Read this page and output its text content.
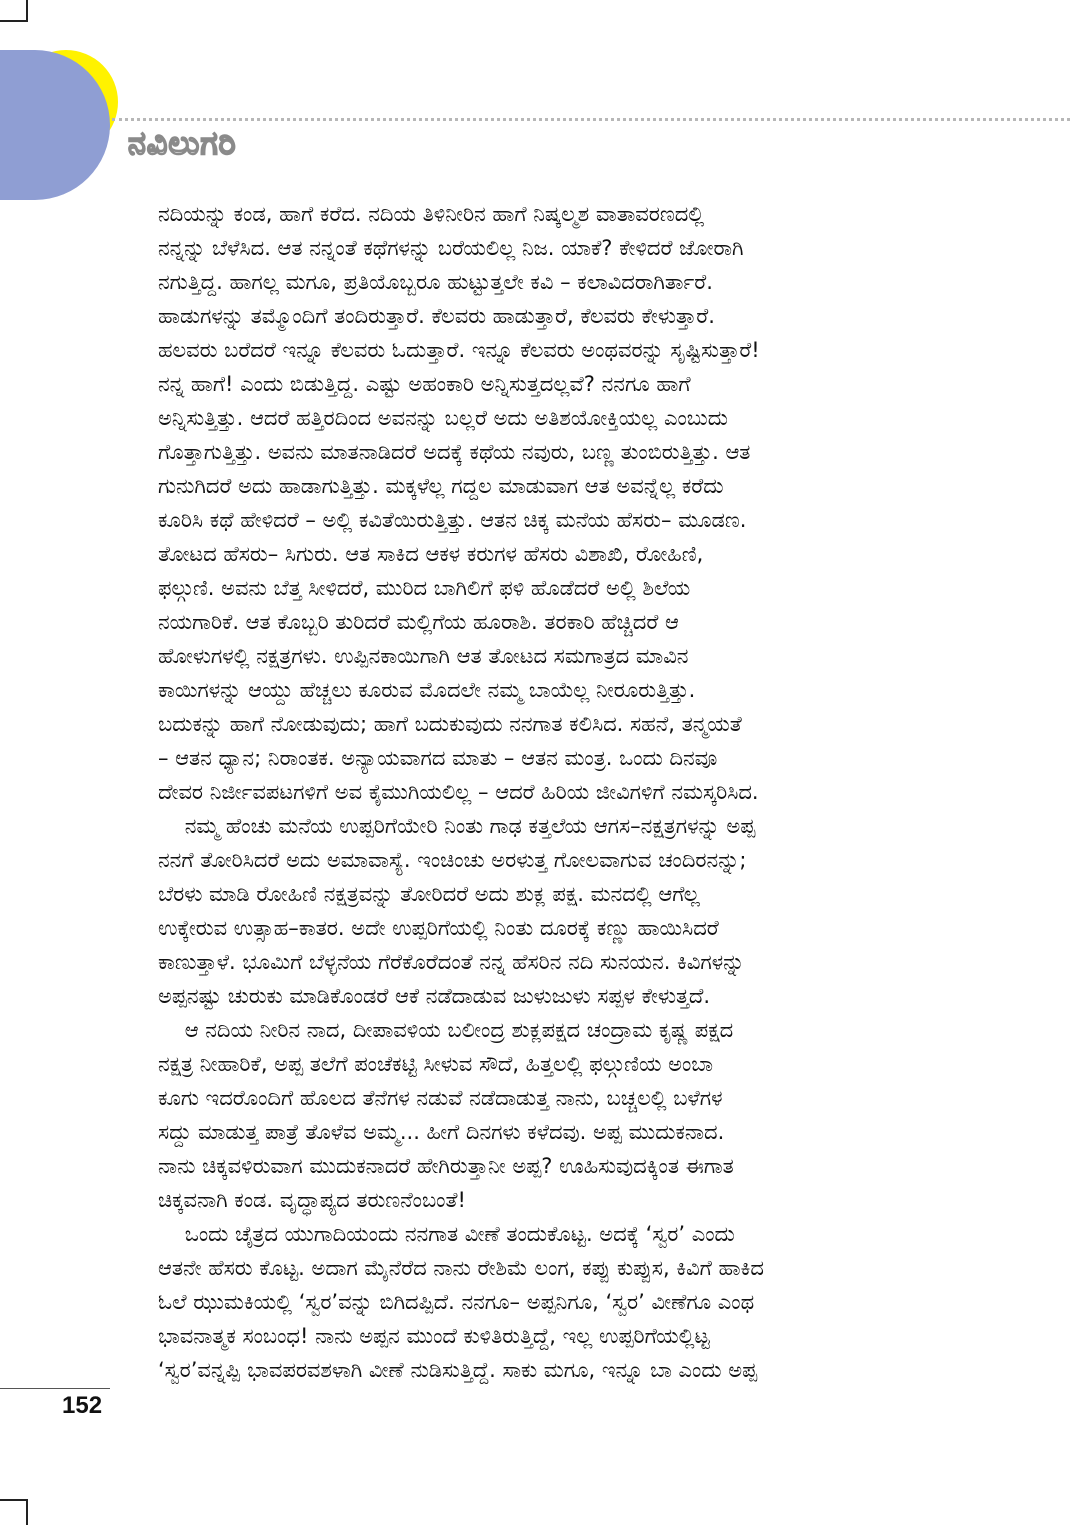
ನವಿಲುಗರಿ
ನದಿಯನ್ನು ಕಂಡ, ಹಾಗೆ ಕರೆದ. ನದಿಯ ತಿಳಿನೀರಿನ ಹಾಗೆ ನಿಷ್ಕಲ್ಮಶ ವಾತಾವರಣದಲ್ಲಿ
ನನ್ನನ್ನು ಬೆಳೆಸಿದ. ಆತ ನನ್ನಂತೆ ಕಥೆಗಳನ್ನು ಬರೆಯಲಿಲ್ಲ ನಿಜ. ಯಾಕೆ? ಕೇಳಿದರೆ ಜೋರಾಗಿ
ನಗುತ್ತಿದ್ದ. ಹಾಗಲ್ಲ ಮಗೂ, ಪ್ರತಿಯೊಬ್ಬರೂ ಹುಟ್ಟುತ್ತಲೇ ಕವಿ – ಕಲಾವಿದರಾಗಿರ್ತಾರೆ.
ಹಾಡುಗಳನ್ನು ತಮ್ಮೊಂದಿಗೆ ತಂದಿರುತ್ತಾರೆ. ಕೆಲವರು ಹಾಡುತ್ತಾರೆ, ಕೆಲವರು ಕೇಳುತ್ತಾರೆ.
ಹಲವರು ಬರೆದರೆ ಇನ್ನೂ ಕೆಲವರು ಓದುತ್ತಾರೆ. ಇನ್ನೂ ಕೆಲವರು ಅಂಥವರನ್ನು ಸೃಷ್ಟಿಸುತ್ತಾರೆ!
ನನ್ನ ಹಾಗೆ! ಎಂದು ಬಿಡುತ್ತಿದ್ದ. ಎಷ್ಟು ಅಹಂಕಾರಿ ಅನ್ನಿಸುತ್ತದಲ್ಲವೆ? ನನಗೂ ಹಾಗೆ
ಅನ್ನಿಸುತ್ತಿತ್ತು. ಆದರೆ ಹತ್ತಿರದಿಂದ ಅವನನ್ನು ಬಲ್ಲರೆ ಅದು ಅತಿಶಯೋಕ್ತಿಯಲ್ಲ ಎಂಬುದು
ಗೊತ್ತಾಗುತ್ತಿತ್ತು. ಅವನು ಮಾತನಾಡಿದರೆ ಅದಕ್ಕೆ ಕಥೆಯ ನವುರು, ಬಣ್ಣ ತುಂಬಿರುತ್ತಿತ್ತು. ಆತ
ಗುನುಗಿದರೆ ಅದು ಹಾಡಾಗುತ್ತಿತ್ತು. ಮಕ್ಕಳೆಲ್ಲ ಗದ್ದಲ ಮಾಡುವಾಗ ಆತ ಅವನ್ನೆಲ್ಲ ಕರೆದು
ಕೂರಿಸಿ ಕಥೆ ಹೇಳಿದರೆ – ಅಲ್ಲಿ ಕವಿತೆಯಿರುತ್ತಿತ್ತು. ಆತನ ಚಿಕ್ಕ ಮನೆಯ ಹೆಸರು– ಮೂಡಣ.
ತೋಟದ ಹೆಸರು– ಸಿಗುರು. ಆತ ಸಾಕಿದ ಆಕಳ ಕರುಗಳ ಹೆಸರು ವಿಶಾಖಿ, ರೋಹಿಣಿ,
ಫಲ್ಗುಣಿ. ಅವನು ಬೆತ್ತ ಸೀಳಿದರೆ, ಮುರಿದ ಬಾಗಿಲಿಗೆ ಫಳಿ ಹೊಡೆದರೆ ಅಲ್ಲಿ ಶಿಲೆಯ
ನಯಗಾರಿಕೆ. ಆತ ಕೊಬ್ಬರಿ ತುರಿದರೆ ಮಲ್ಲಿಗೆಯ ಹೂರಾಶಿ. ತರಕಾರಿ ಹೆಚ್ಚಿದರೆ ಆ
ಹೋಳುಗಳಲ್ಲಿ ನಕ್ಷತ್ರಗಳು. ಉಪ್ಪಿನಕಾಯಿಗಾಗಿ ಆತ ತೋಟದ ಸಮಗಾತ್ರದ ಮಾವಿನ
ಕಾಯಿಗಳನ್ನು ಆಯ್ದು ಹೆಚ್ಚಲು ಕೂರುವ ಮೊದಲೇ ನಮ್ಮ ಬಾಯೆಲ್ಲ ನೀರೂರುತ್ತಿತ್ತು.
ಬದುಕನ್ನು ಹಾಗೆ ನೋಡುವುದು; ಹಾಗೆ ಬದುಕುವುದು ನನಗಾತ ಕಲಿಸಿದ. ಸಹನೆ, ತನ್ಮಯತೆ
– ಆತನ ಧ್ಯಾನ; ನಿರಾಂತಕ. ಅನ್ಯಾಯವಾಗದ ಮಾತು – ಆತನ ಮಂತ್ರ. ಒಂದು ದಿನವೂ
ದೇವರ ನಿರ್ಜೀವಪಟಗಳಿಗೆ ಅವ ಕೈಮುಗಿಯಲಿಲ್ಲ – ಆದರೆ ಹಿರಿಯ ಜೀವಿಗಳಿಗೆ ನಮಸ್ಕರಿಸಿದ.
ನಮ್ಮ ಹೆಂಚು ಮನೆಯ ಉಪ್ಪರಿಗೆಯೇರಿ ನಿಂತು ಗಾಢ ಕತ್ತಲೆಯ ಆಗಸ–ನಕ್ಷತ್ರಗಳನ್ನು ಅಪ್ಪ
ನನಗೆ ತೋರಿಸಿದರೆ ಅದು ಅಮಾವಾಸ್ಯೆ. ಇಂಚಿಂಚು ಅರಳುತ್ತ ಗೋಲವಾಗುವ ಚಂದಿರನನ್ನು;
ಬೆರಳು ಮಾಡಿ ರೋಹಿಣಿ ನಕ್ಷತ್ರವನ್ನು ತೋರಿದರೆ ಅದು ಶುಕ್ಲ ಪಕ್ಷ. ಮನದಲ್ಲಿ ಆಗೆಲ್ಲ
ಉಕ್ಕೇರುವ ಉತ್ಸಾಹ–ಕಾತರ. ಅದೇ ಉಪ್ಪರಿಗೆಯಲ್ಲಿ ನಿಂತು ದೂರಕ್ಕೆ ಕಣ್ಣು ಹಾಯಿಸಿದರೆ
ಕಾಣುತ್ತಾಳೆ. ಭೂಮಿಗೆ ಬೆಳ್ಳನೆಯ ಗೆರೆಕೊರೆದಂತೆ ನನ್ನ ಹೆಸರಿನ ನದಿ ಸುನಯನ. ಕಿವಿಗಳನ್ನು
ಅಪ್ಪನಷ್ಟು ಚುರುಕು ಮಾಡಿಕೊಂಡರೆ ಆಕೆ ನಡೆದಾಡುವ ಜುಳುಜುಳು ಸಪ್ಪಳ ಕೇಳುತ್ತದೆ.
ಆ ನದಿಯ ನೀರಿನ ನಾದ, ದೀಪಾವಳಿಯ ಬಲೀಂದ್ರ ಶುಕ್ಲಪಕ್ಷದ ಚಂದ್ರಾಮ ಕೃಷ್ಣ ಪಕ್ಷದ
ನಕ್ಷತ್ರ ನೀಹಾರಿಕೆ, ಅಪ್ಪ ತಲೆಗೆ ಪಂಚೆಕಟ್ಟಿ ಸೀಳುವ ಸೌದೆ, ಹಿತ್ತಲಲ್ಲಿ ಫಲ್ಗುಣಿಯ ಅಂಬಾ
ಕೂಗು ಇದರೊಂದಿಗೆ ಹೊಲದ ತೆನೆಗಳ ನಡುವೆ ನಡೆದಾಡುತ್ತ ನಾನು, ಬಚ್ಚಲಲ್ಲಿ ಬಳೆಗಳ
ಸದ್ದು ಮಾಡುತ್ತ ಪಾತ್ರೆ ತೊಳೆವ ಅಮ್ಮ... ಹೀಗೆ ದಿನಗಳು ಕಳೆದವು. ಅಪ್ಪ ಮುದುಕನಾದ.
ನಾನು ಚಿಕ್ಕವಳಿರುವಾಗ ಮುದುಕನಾದರೆ ಹೇಗಿರುತ್ತಾನೀ ಅಪ್ಪ? ಊಹಿಸುವುದಕ್ಕಿಂತ ಈಗಾತ
ಚಿಕ್ಕವನಾಗಿ ಕಂಡ. ವೃದ್ಧಾಪ್ಯದ ತರುಣನೆಂಬಂತೆ!
ಒಂದು ಚೈತ್ರದ ಯುಗಾದಿಯಂದು ನನಗಾತ ವೀಣೆ ತಂದುಕೊಟ್ಟ. ಅದಕ್ಕೆ ‘ಸ್ವರ’ ಎಂದು
ಆತನೇ ಹೆಸರು ಕೊಟ್ಟ. ಅದಾಗ ಮೈನೆರೆದ ನಾನು ರೇಶಿಮೆ ಲಂಗ, ಕಪ್ಪು ಕುಪ್ಪುಸ, ಕಿವಿಗೆ ಹಾಕಿದ
ಓಲೆ ಝುಮಕಿಯಲ್ಲಿ ‘ಸ್ವರ’ವನ್ನು ಬಿಗಿದಪ್ಪಿದೆ. ನನಗೂ– ಅಪ್ಪನಿಗೂ, ‘ಸ್ವರ’ ವೀಣೆಗೂ ಎಂಥ
ಭಾವನಾತ್ಮಕ ಸಂಬಂಧ! ನಾನು ಅಪ್ಪನ ಮುಂದೆ ಕುಳಿತಿರುತ್ತಿದ್ದೆ, ಇಲ್ಲ ಉಪ್ಪರಿಗೆಯಲ್ಲಿಟ್ಟ
‘ಸ್ವರ’ವನ್ನಪ್ಪಿ ಭಾವಪರವಶಳಾಗಿ ವೀಣೆ ನುಡಿಸುತ್ತಿದ್ದೆ. ಸಾಕು ಮಗೂ, ಇನ್ನೂ ಬಾ ಎಂದು ಅಪ್ಪ
152
